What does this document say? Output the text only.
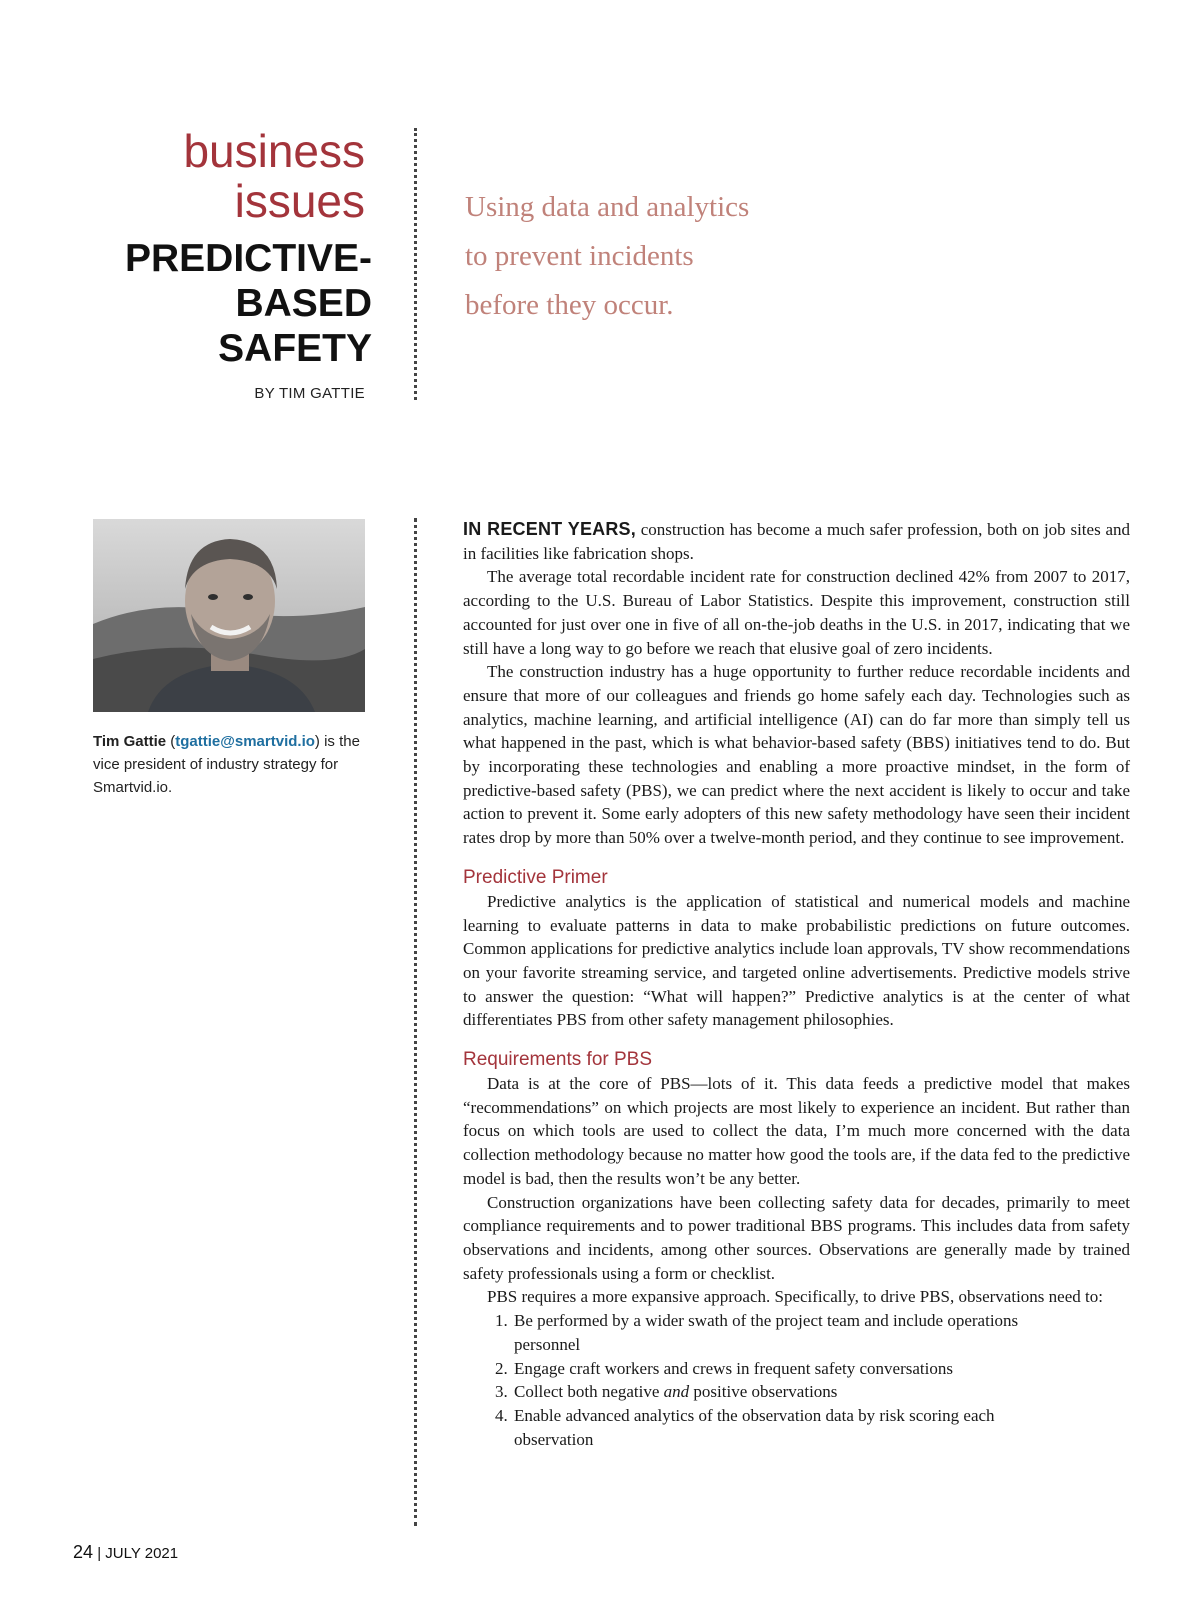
business
issues
PREDICTIVE-
BASED
SAFETY
BY TIM GATTIE
Using data and analytics
to prevent incidents
before they occur.
Tim Gattie (tgattie@smartvid.io) is the vice president of industry strategy for Smartvid.io.

IN RECENT YEARS, construction has become a much safer profession, both on job sites and in facilities like fabrication shops.

The average total recordable incident rate for construction declined 42% from 2007 to 2017, according to the U.S. Bureau of Labor Statistics. Despite this improvement, construction still accounted for just over one in five of all on-the-job deaths in the U.S. in 2017, indicating that we still have a long way to go before we reach that elusive goal of zero incidents.

The construction industry has a huge opportunity to further reduce recordable incidents and ensure that more of our colleagues and friends go home safely each day. Technologies such as analytics, machine learning, and artificial intelligence (AI) can do far more than simply tell us what happened in the past, which is what behavior-based safety (BBS) initiatives tend to do. But by incorporating these technologies and enabling a more proactive mindset, in the form of predictive-based safety (PBS), we can predict where the next accident is likely to occur and take action to prevent it. Some early adopters of this new safety methodology have seen their incident rates drop by more than 50% over a twelve-month period, and they continue to see improvement.

Predictive Primer

Predictive analytics is the application of statistical and numerical models and machine learning to evaluate patterns in data to make probabilistic predictions on future outcomes. Common applications for predictive analytics include loan approvals, TV show recommendations on your favorite streaming service, and targeted online advertisements. Predictive models strive to answer the question: “What will happen?” Predictive analytics is at the center of what differentiates PBS from other safety management philosophies.

Requirements for PBS

Data is at the core of PBS—lots of it. This data feeds a predictive model that makes “recommendations” on which projects are most likely to experience an incident. But rather than focus on which tools are used to collect the data, I’m much more concerned with the data collection methodology because no matter how good the tools are, if the data fed to the predictive model is bad, then the results won’t be any better.

Construction organizations have been collecting safety data for decades, primarily to meet compliance requirements and to power traditional BBS programs. This includes data from safety observations and incidents, among other sources. Observations are generally made by trained safety professionals using a form or checklist.

PBS requires a more expansive approach. Specifically, to drive PBS, observations need to:

1. Be performed by a wider swath of the project team and include operations personnel
2. Engage craft workers and crews in frequent safety conversations
3. Collect both negative and positive observations
4. Enable advanced analytics of the observation data by risk scoring each observation
24 | JULY 2021
